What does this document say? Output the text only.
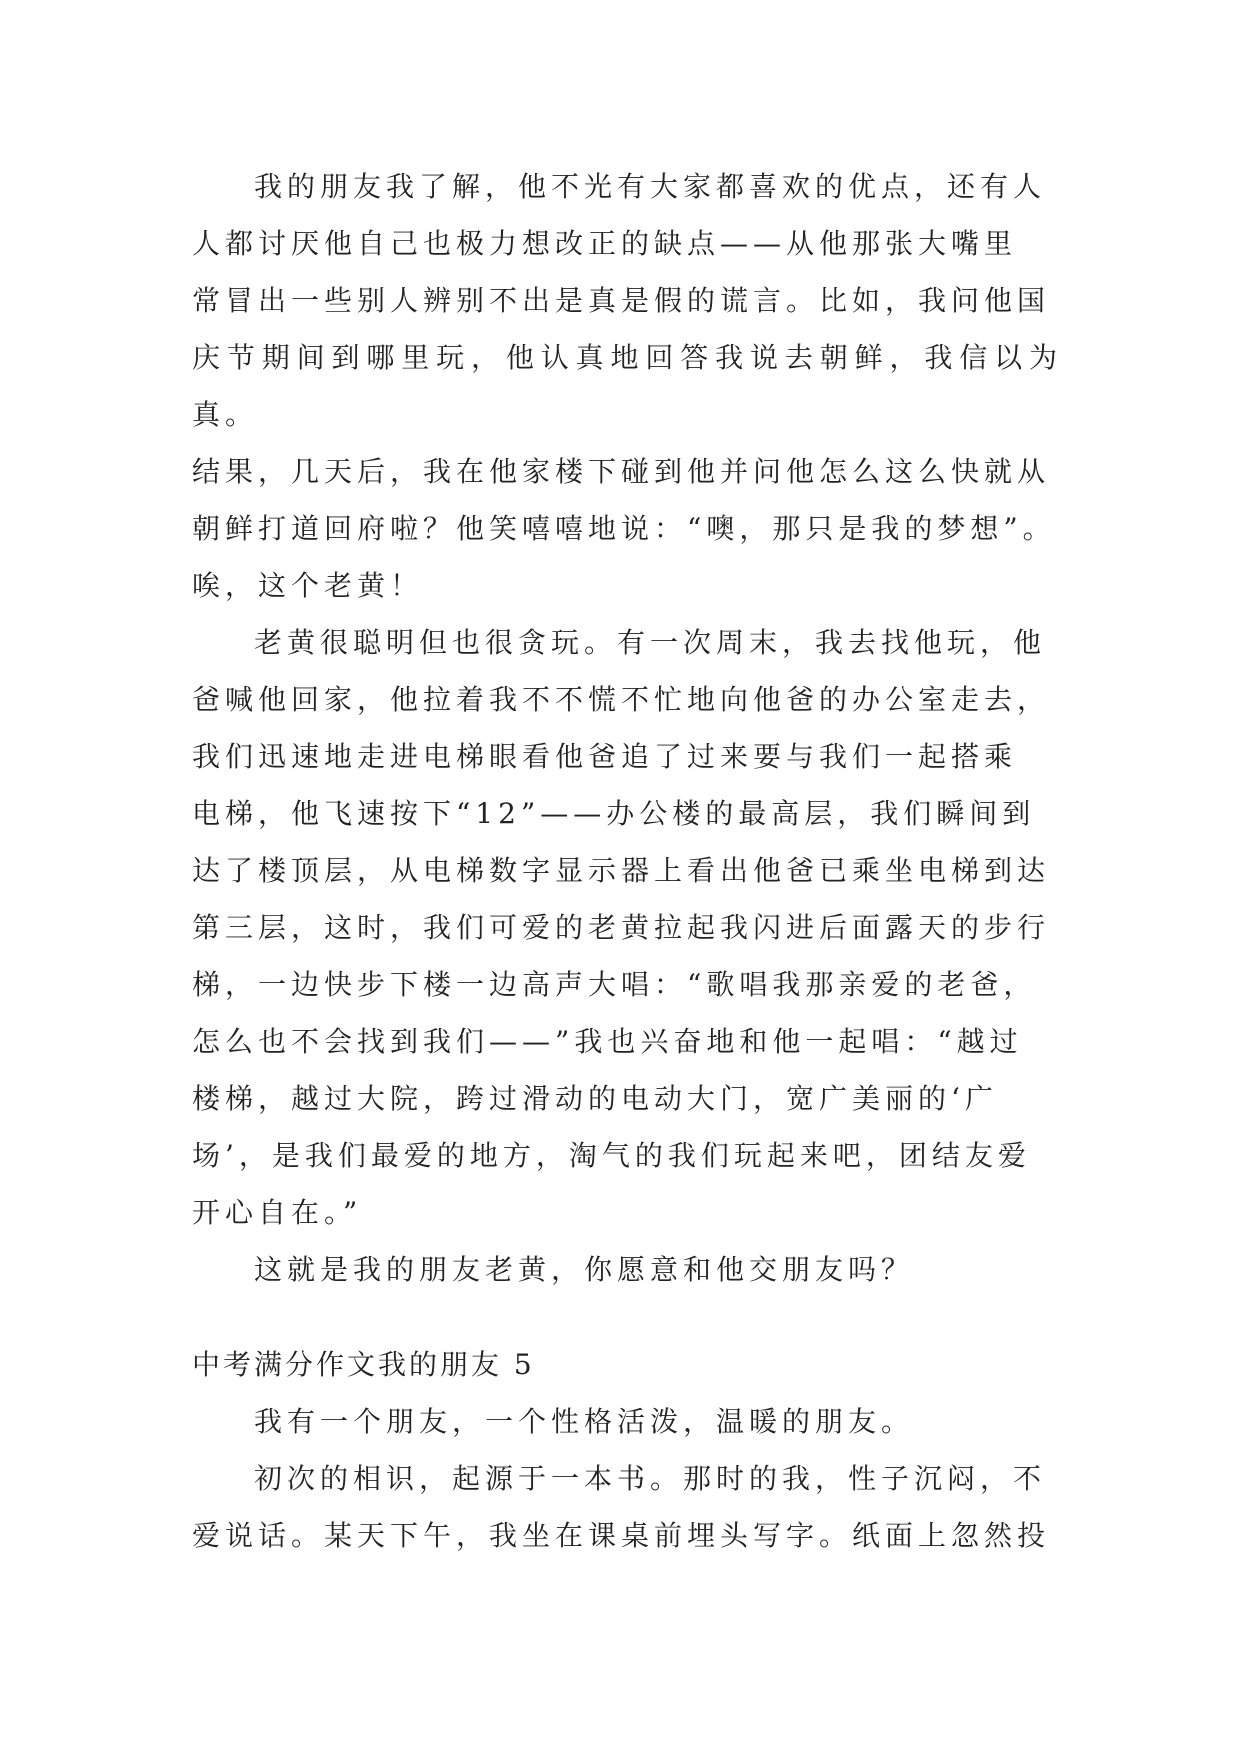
我的朋友我了解，他不光有大家都喜欢的优点，还有人
人都讨厌他自己也极力想改正的缺点——从他那张大嘴里
常冒出一些别人辨别不出是真是假的谎言。比如，我问他国
庆节期间到哪里玩，他认真地回答我说去朝鲜，我信以为真。
结果，几天后，我在他家楼下碰到他并问他怎么这么快就从
朝鲜打道回府啦？他笑嘻嘻地说：“噢，那只是我的梦想”。
唉，这个老黄！

老黄很聪明但也很贪玩。有一次周末，我去找他玩，他
爸喊他回家，他拉着我不不慌不忙地向他爸的办公室走去，
我们迅速地走进电梯眼看他爸追了过来要与我们一起搭乘
电梯，他飞速按下“12”——办公楼的最高层，我们瞬间到
达了楼顶层，从电梯数字显示器上看出他爸已乘坐电梯到达
第三层，这时，我们可爱的老黄拉起我闪进后面露天的步行
梯，一边快步下楼一边高声大唱：“歌唱我那亲爱的老爸，
怎么也不会找到我们——”我也兴奋地和他一起唱：“越过
楼梯，越过大院，跨过滑动的电动大门，宽广美丽的‘广
场’，是我们最爱的地方，淘气的我们玩起来吧，团结友爱
开心自在。”

这就是我的朋友老黄，你愿意和他交朋友吗？

中考满分作文我的朋友 5

我有一个朋友，一个性格活泼，温暖的朋友。

初次的相识，起源于一本书。那时的我，性子沉闷，不
爱说话。某天下午，我坐在课桌前埋头写字。纸面上忽然投
